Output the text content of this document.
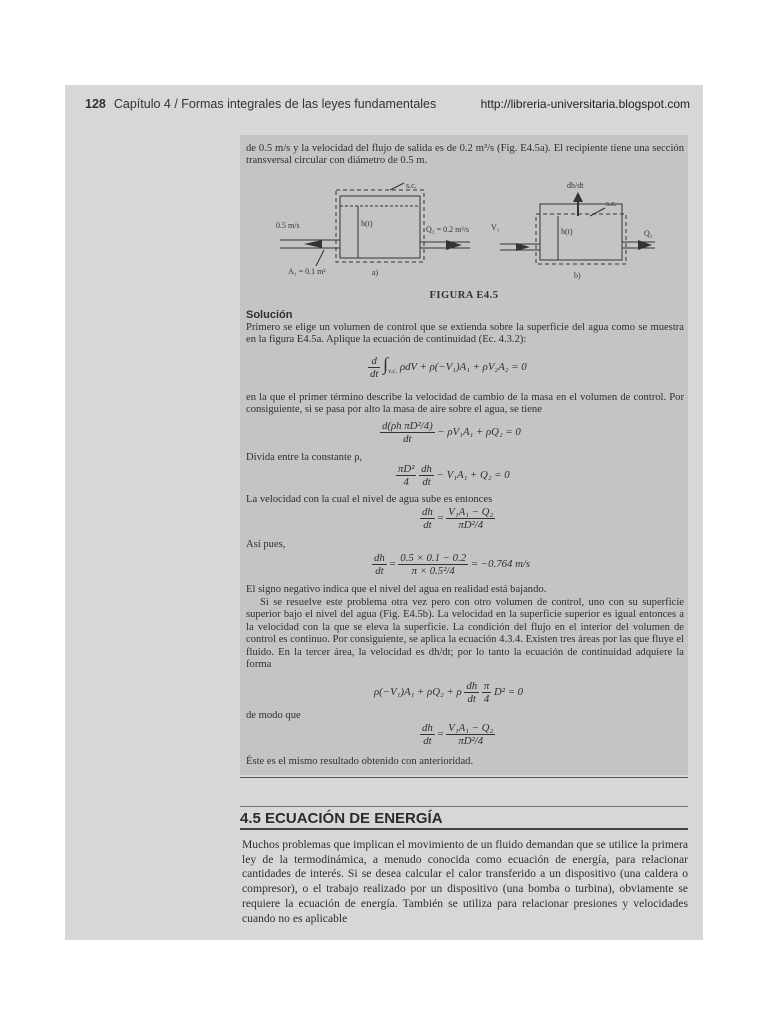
128 Capítulo 4 / Formas integrales de las leyes fundamentales	http://libreria-universitaria.blogspot.com
de 0.5 m/s y la velocidad del flujo de salida es de 0.2 m³/s (Fig. E4.5a). El recipiente tiene una sección transversal circular con diámetro de 0.5 m.
s.c.
0.5 m/s	h(t)
Q₂ = 0.2 m³/s
A₁ = 0.1 m²	a)
dh/dt
s.c.
V₁	h(t)	Q₂
b)
FIGURA E4.5
Solución
Primero se elige un volumen de control que se extienda sobre la superficie del agua como se muestra en la figura E4.5a. Aplique la ecuación de continuidad (Ec. 4.3.2):
$\frac{d}{dt} \int_{v.c.}$ ρdV + ρ(−V₁)A₁ + ρV₂A₂ = 0
en la que el primer término describe la velocidad de cambio de la masa en el volumen de control. Por consiguiente, si se pasa por alto la masa de aire sobre el agua, se tiene
$\frac{\text{d(ρh πD²/4)}}{dt} - \rho V_1A_1 + \rho Q_2 = 0$
Divida entre la constante ρ,
$\frac{\text{πD²}}{4}$
$\frac{dh}{dt} - V_1A_1 + Q_2 = 0$
La velocidad con la cual el nivel de agua sube es entonces
$\frac{dh}{dt} = \frac{\text{V₁A₁ − Q₂}}{\text{πD²/4}}$
Así pues,
$\frac{dh}{dt} = \frac{0.5 \times 0.1 - 0.2}{\text{π × 0.5²/4}} = -0.764$ m/s
El signo negativo indica que el nivel del agua en realidad está bajando.
Si se resuelve este problema otra vez pero con otro volumen de control, uno con su superficie superior bajo el nivel del agua (Fig. E4.5b). La velocidad en la superficie superior es igual entonces a la velocidad con la que se eleva la superficie. La condición del flujo en el interior del volumen de control es continuo. Por consiguiente, se aplica la ecuación 4.3.4. Existen tres áreas por las que fluye el fluido. En la tercer área, la velocidad es dh/dt; por lo tanto la ecuación de continuidad adquiere la forma
ρ(−V₁)A₁ + ρQ₂ + ρ $\frac{dh}{dt}$
$\frac{\pi}{4} D^2 = 0$
de modo que
$\frac{dh}{dt} = \frac{\text{V₁A₁ − Q₂}}{\text{πD²/4}}$
Éste es el mismo resultado obtenido con anterioridad.
4.5 ECUACIÓN DE ENERGÍA
Muchos problemas que implican el movimiento de un fluido demandan que se utilice la primera ley de la termodinámica, a menudo conocida como ecuación de energía, para relacionar cantidades de interés. Si se desea calcular el calor transferido a un dispositivo (una caldera o compresor), o el trabajo realizado por un dispositivo (una bomba o turbina), obviamente se requiere la ecuación de energía. También se utiliza para relacionar presiones y velocidades cuando no es aplicable
